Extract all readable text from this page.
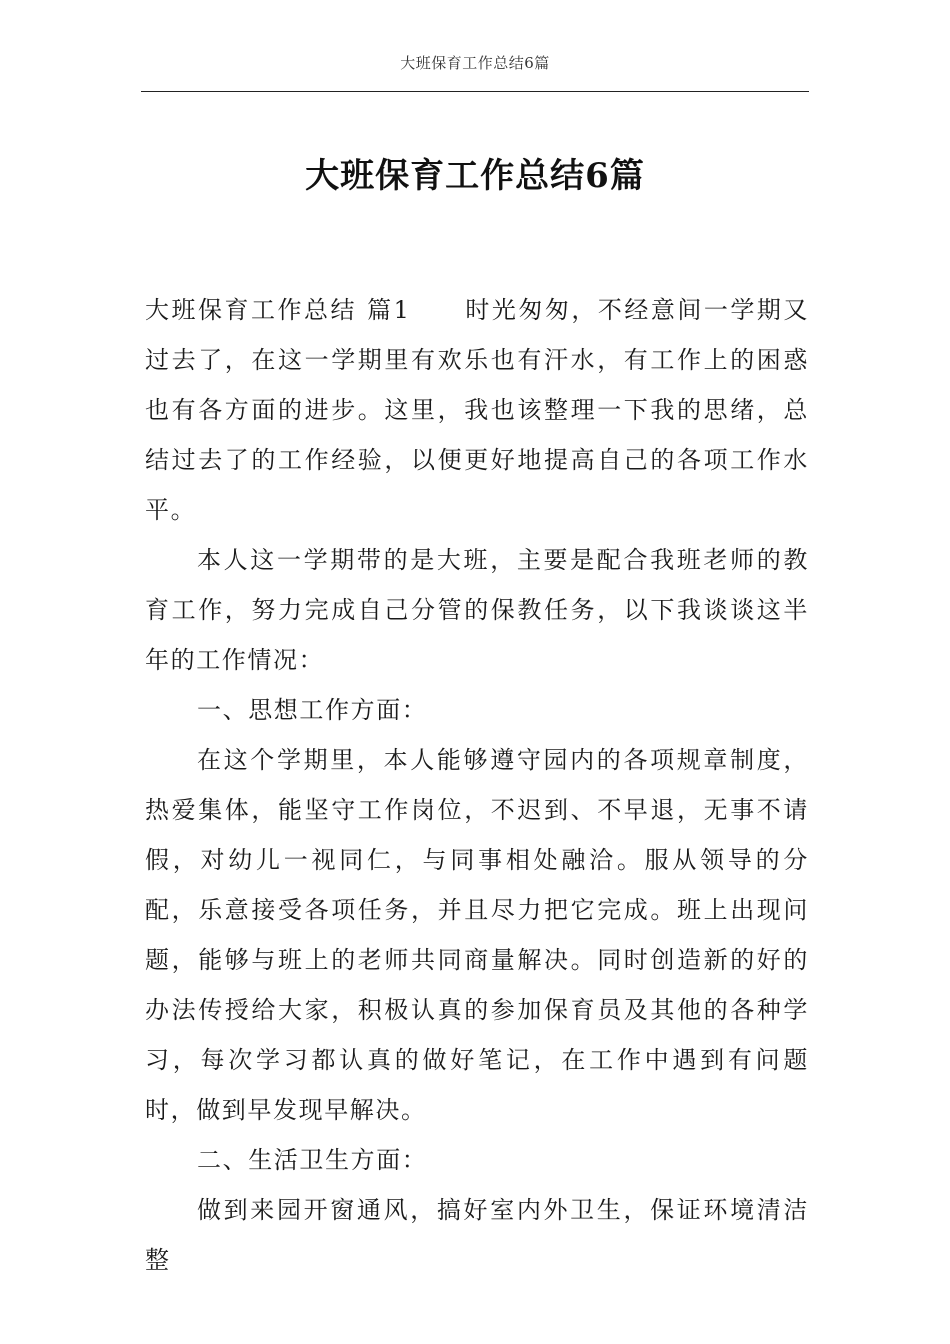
大班保育工作总结6篇
大班保育工作总结6篇

大班保育工作总结 篇1 时光匆匆，不经意间一学期又过去了，在这一学期里有欢乐也有汗水，有工作上的困惑也有各方面的进步。这里，我也该整理一下我的思绪，总结过去了的工作经验，以便更好地提高自己的各项工作水平。

本人这一学期带的是大班，主要是配合我班老师的教育工作，努力完成自己分管的保教任务，以下我谈谈这半年的工作情况：

一、思想工作方面：

在这个学期里，本人能够遵守园内的各项规章制度，热爱集体，能坚守工作岗位，不迟到、不早退，无事不请假，对幼儿一视同仁，与同事相处融洽。服从领导的分配，乐意接受各项任务，并且尽力把它完成。班上出现问题，能够与班上的老师共同商量解决。同时创造新的好的办法传授给大家，积极认真的参加保育员及其他的各种学习，每次学习都认真的做好笔记，在工作中遇到有问题时，做到早发现早解决。

二、生活卫生方面：

做到来园开窗通风，搞好室内外卫生，保证环境清洁整
